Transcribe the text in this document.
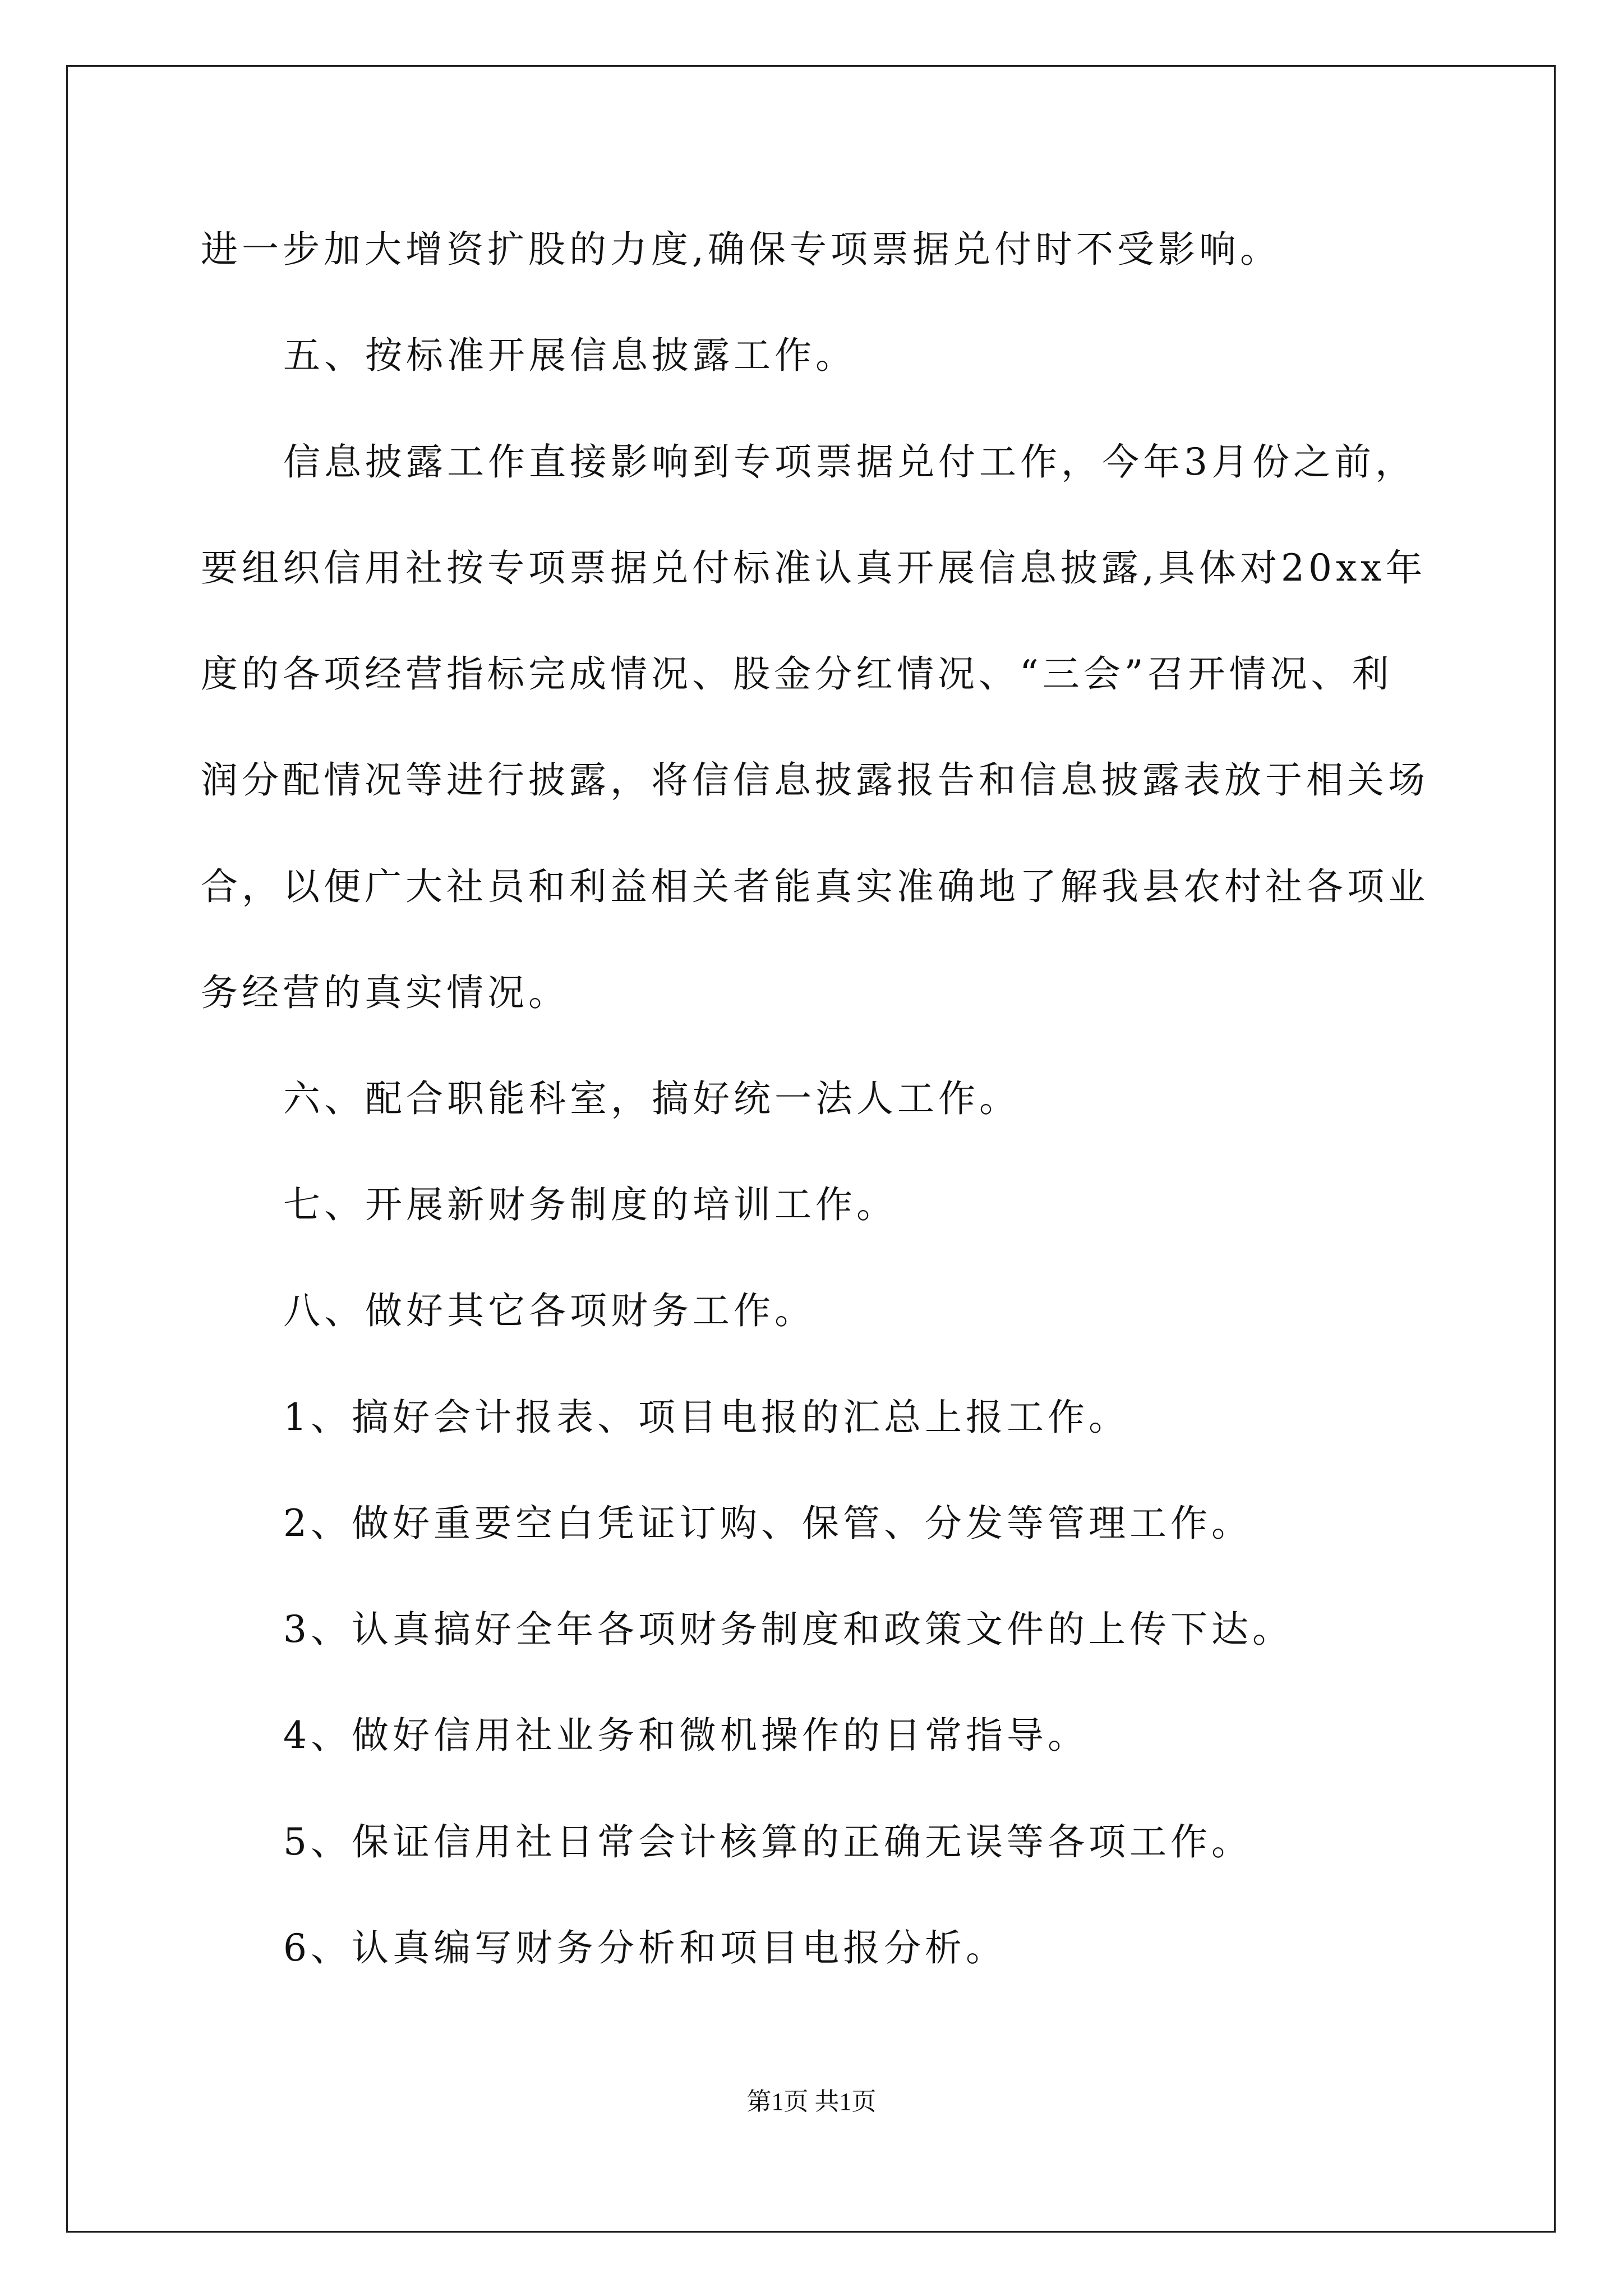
进一步加大增资扩股的力度,确保专项票据兑付时不受影响。
五、按标准开展信息披露工作。
信息披露工作直接影响到专项票据兑付工作，今年3月份之前，
要组织信用社按专项票据兑付标准认真开展信息披露,具体对20xx年
度的各项经营指标完成情况、股金分红情况、“三会”召开情况、利
润分配情况等进行披露，将信信息披露报告和信息披露表放于相关场
合，以便广大社员和利益相关者能真实准确地了解我县农村社各项业
务经营的真实情况。
六、配合职能科室，搞好统一法人工作。
七、开展新财务制度的培训工作。
八、做好其它各项财务工作。
1、搞好会计报表、项目电报的汇总上报工作。
2、做好重要空白凭证订购、保管、分发等管理工作。
3、认真搞好全年各项财务制度和政策文件的上传下达。
4、做好信用社业务和微机操作的日常指导。
5、保证信用社日常会计核算的正确无误等各项工作。
6、认真编写财务分析和项目电报分析。
第1页 共1页
